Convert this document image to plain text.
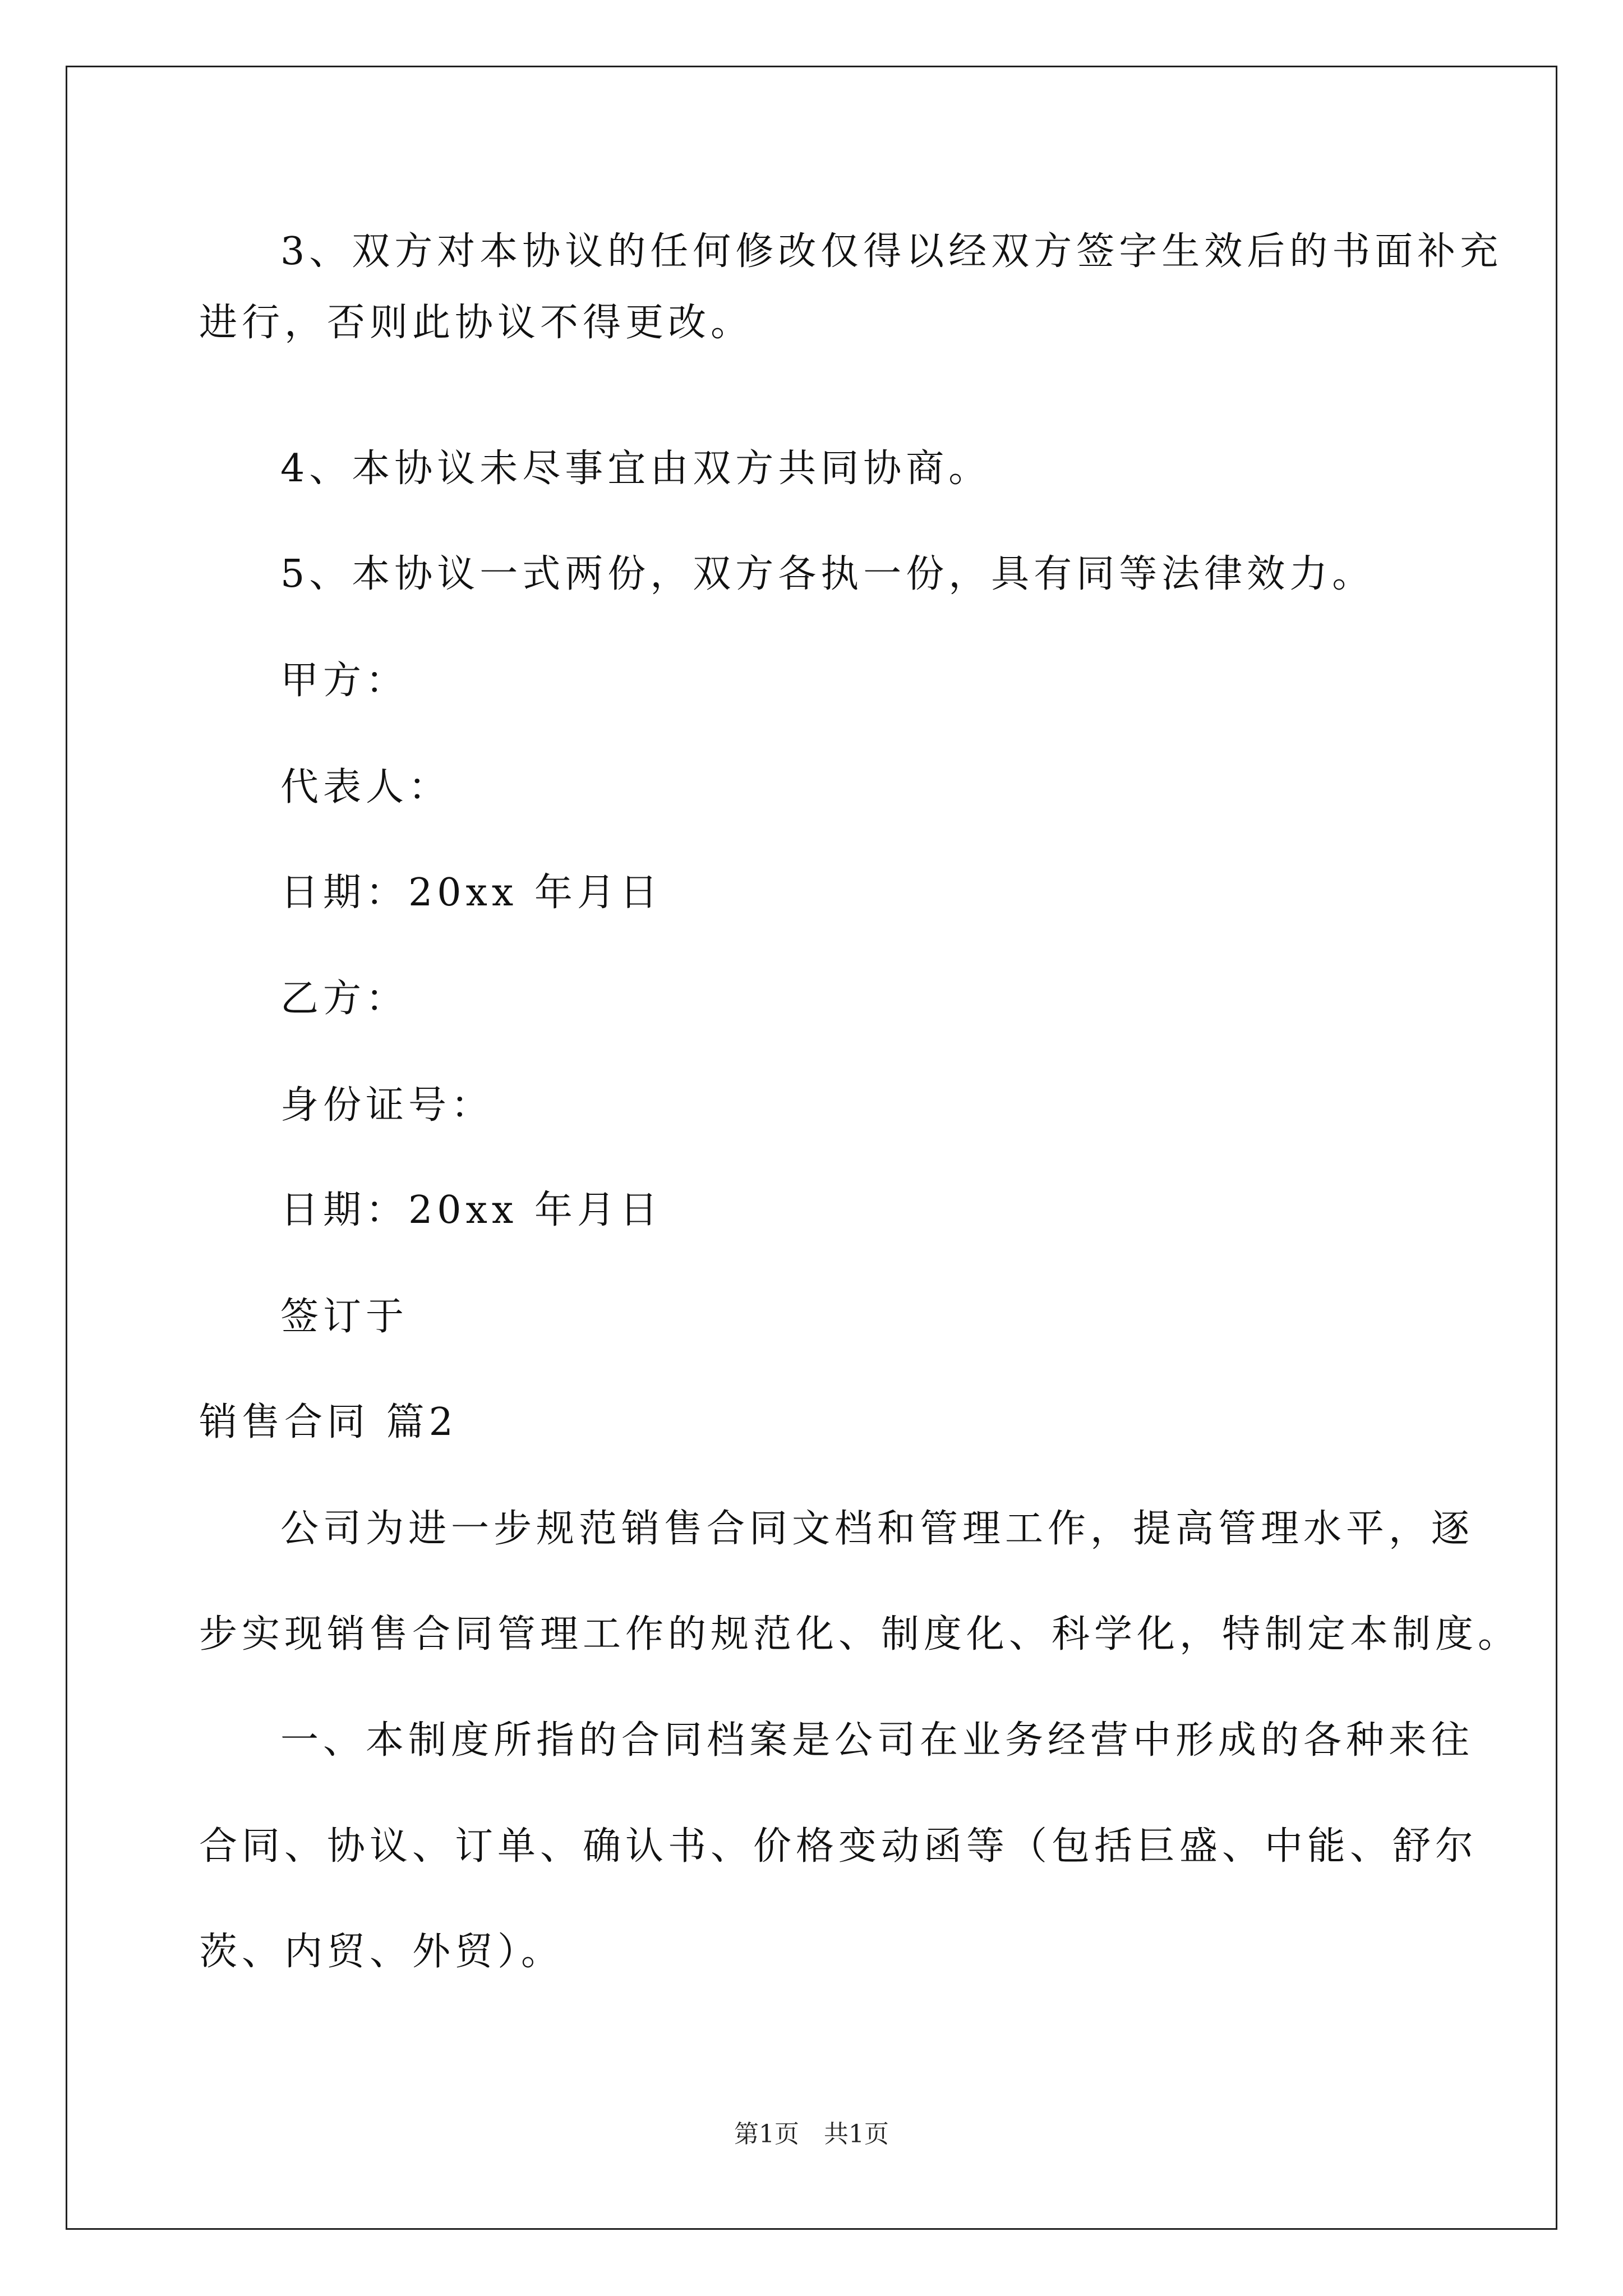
3、双方对本协议的任何修改仅得以经双方签字生效后的书面补充
进行，否则此协议不得更改。
4、本协议未尽事宜由双方共同协商。
5、本协议一式两份，双方各执一份，具有同等法律效力。
甲方：
代表人：
日期：20xx 年月日
乙方：
身份证号：
日期：20xx 年月日
签订于
销售合同 篇2
公司为进一步规范销售合同文档和管理工作，提高管理水平，逐
步实现销售合同管理工作的规范化、制度化、科学化，特制定本制度。
一、本制度所指的合同档案是公司在业务经营中形成的各种来往
合同、协议、订单、确认书、价格变动函等（包括巨盛、中能、舒尔
茨、内贸、外贸）。
第1页 共1页
